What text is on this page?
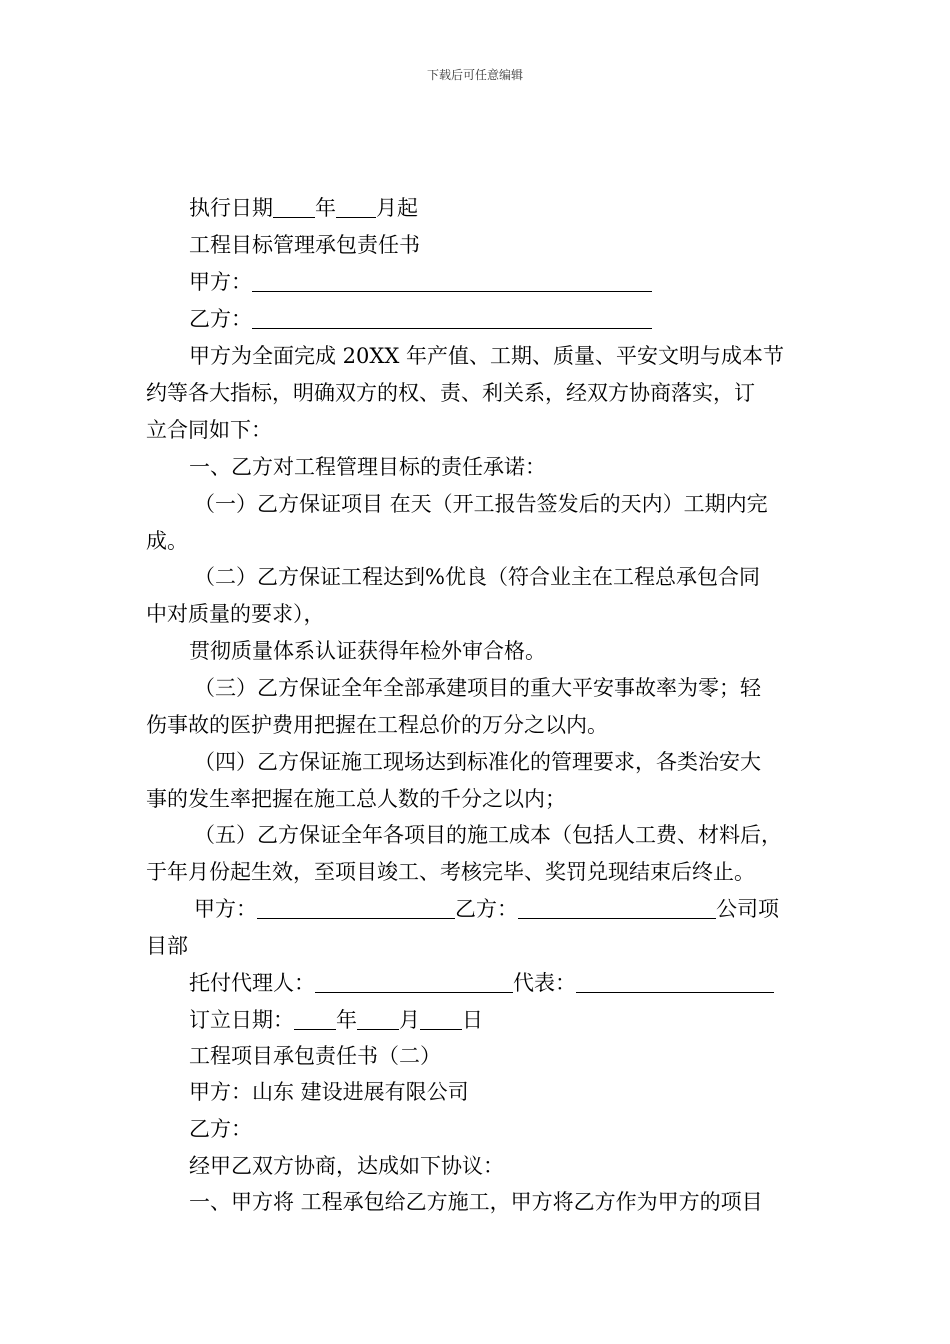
下载后可任意编辑
执行日期 年 月起
工程目标管理承包责任书
甲方：
乙方：
甲方为全面完成 20XX 年产值、工期、质量、平安文明与成本节
约等各大指标，明确双方的权、责、利关系，经双方协商落实，订
立合同如下：
一、乙方对工程管理目标的责任承诺：
（一）乙方保证项目 在天（开工报告签发后的天内）工期内完
成。
（二）乙方保证工程达到%优良（符合业主在工程总承包合同
中对质量的要求），
贯彻质量体系认证获得年检外审合格。
（三）乙方保证全年全部承建项目的重大平安事故率为零；轻
伤事故的医护费用把握在工程总价的万分之以内。
（四）乙方保证施工现场达到标准化的管理要求，各类治安大
事的发生率把握在施工总人数的千分之以内；
（五）乙方保证全年各项目的施工成本（包括人工费、材料后，
于年月份起生效，至项目竣工、考核完毕、奖罚兑现结束后终止。
甲方：	乙方：	公司项
目部
托付代理人：	代表：
订立日期： 年 月 日
工程项目承包责任书（二）
甲方：山东 建设进展有限公司
乙方：
经甲乙双方协商，达成如下协议：
一、甲方将 工程承包给乙方施工，甲方将乙方作为甲方的项目
